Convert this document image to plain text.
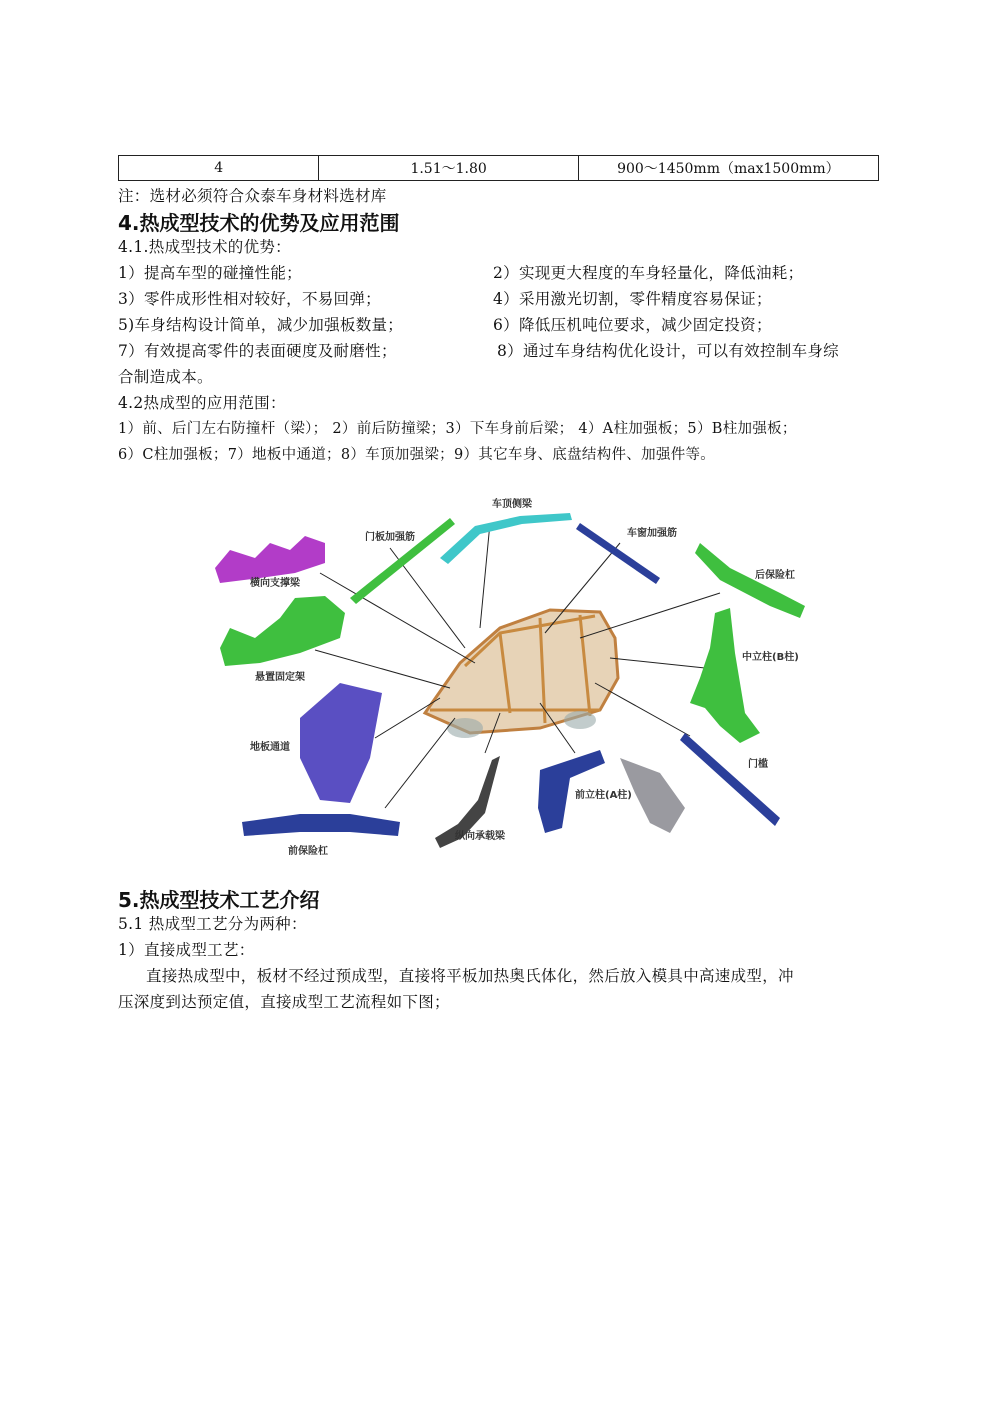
4	1.51～1.80	900～1450mm（max1500mm）
注：选材必须符合众泰车身材料选材库
4.热成型技术的优势及应用范围
4.1.热成型技术的优势：
1）提高车型的碰撞性能；	2）实现更大程度的车身轻量化，降低油耗；
3）零件成形性相对较好，不易回弹；	4）采用激光切割，零件精度容易保证；
5)车身结构设计简单，减少加强板数量；	6）降低压机吨位要求，减少固定投资；
7）有效提高零件的表面硬度及耐磨性；	8）通过车身结构优化设计，可以有效控制车身综
合制造成本。
4.2热成型的应用范围：
1）前、后门左右防撞杆（梁）； 2）前后防撞梁；3）下车身前后梁； 4）A柱加强板；5）B柱加强板；
6）C柱加强板；7）地板中通道；8）车顶加强梁；9）其它车身、底盘结构件、加强件等。
车顶侧梁
门板加强筋	车窗加强筋
横向支撑梁
后保险杠
悬置固定架
中立柱(B柱)
地板通道
门槛
前立柱(A柱)
纵向承载梁
前保险杠
5.热成型技术工艺介绍
5.1 热成型工艺分为两种：
1）直接成型工艺：
直接热成型中，板材不经过预成型，直接将平板加热奥氏体化，然后放入模具中高速成型，冲
压深度到达预定值，直接成型工艺流程如下图；
